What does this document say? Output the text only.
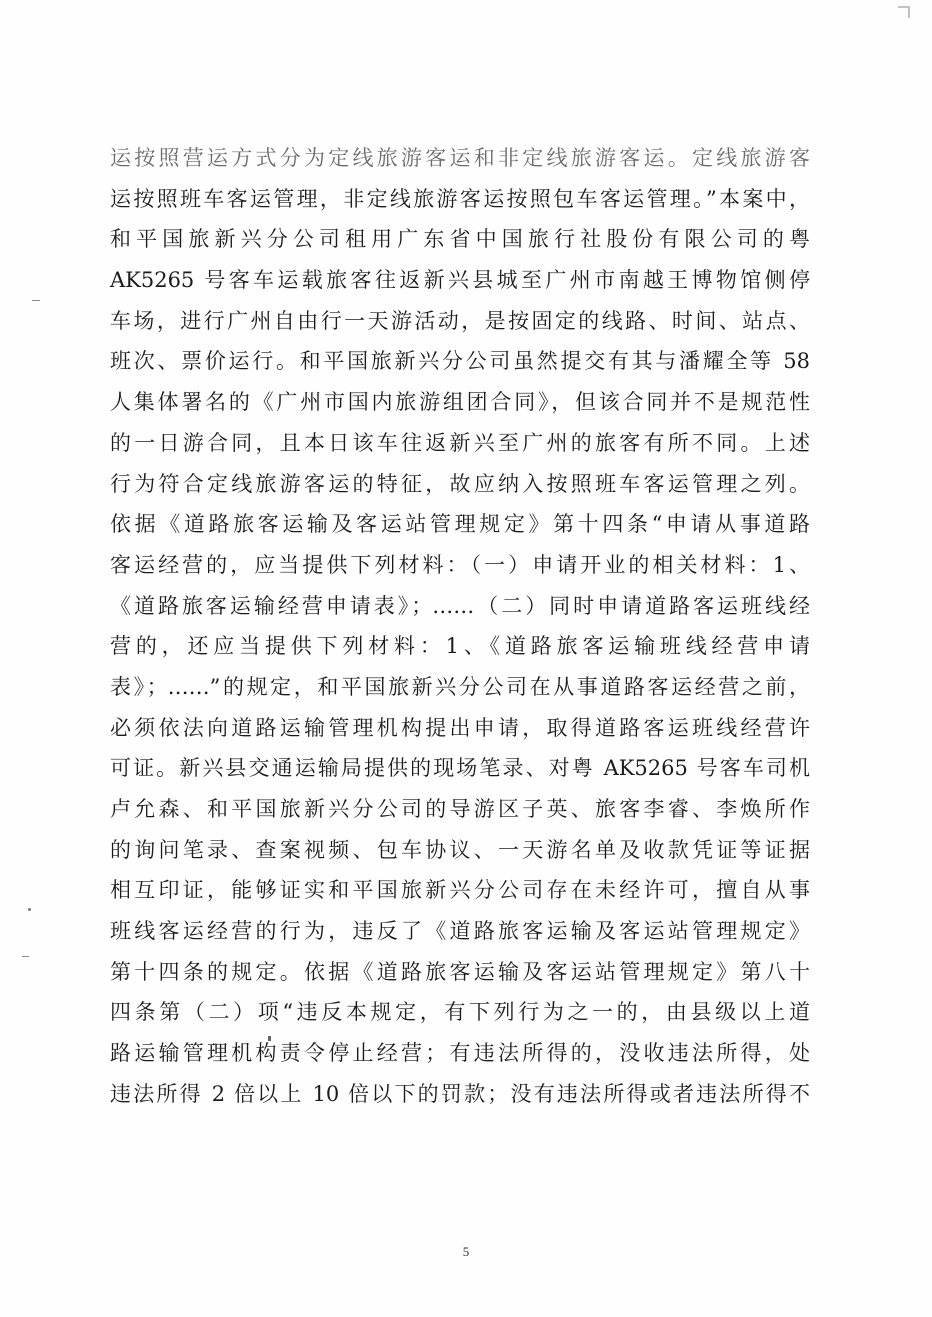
运按照营运方式分为定线旅游客运和非定线旅游客运。定线旅游客
运按照班车客运管理，非定线旅游客运按照包车客运管理。”本案中，
和平国旅新兴分公司租用广东省中国旅行社股份有限公司的粤
AK5265 号客车运载旅客往返新兴县城至广州市南越王博物馆侧停
车场，进行广州自由行一天游活动，是按固定的线路、时间、站点、
班次、票价运行。和平国旅新兴分公司虽然提交有其与潘耀全等 58
人集体署名的《广州市国内旅游组团合同》，但该合同并不是规范性
的一日游合同，且本日该车往返新兴至广州的旅客有所不同。上述
行为符合定线旅游客运的特征，故应纳入按照班车客运管理之列。
依据《道路旅客运输及客运站管理规定》第十四条“申请从事道路
客运经营的，应当提供下列材料：（一）申请开业的相关材料：1、
《道路旅客运输经营申请表》；……（二）同时申请道路客运班线经
营的，还应当提供下列材料：1、《道路旅客运输班线经营申请
表》；……”的规定，和平国旅新兴分公司在从事道路客运经营之前，
必须依法向道路运输管理机构提出申请，取得道路客运班线经营许
可证。新兴县交通运输局提供的现场笔录、对粤 AK5265 号客车司机
卢允森、和平国旅新兴分公司的导游区子英、旅客李睿、李焕所作
的询问笔录、查案视频、包车协议、一天游名单及收款凭证等证据
相互印证，能够证实和平国旅新兴分公司存在未经许可，擅自从事
班线客运经营的行为，违反了《道路旅客运输及客运站管理规定》
第十四条的规定。依据《道路旅客运输及客运站管理规定》第八十
四条第（二）项“违反本规定，有下列行为之一的，由县级以上道
路运输管理机构责令停止经营；有违法所得的，没收违法所得，处
违法所得 2 倍以上 10 倍以下的罚款；没有违法所得或者违法所得不
5
